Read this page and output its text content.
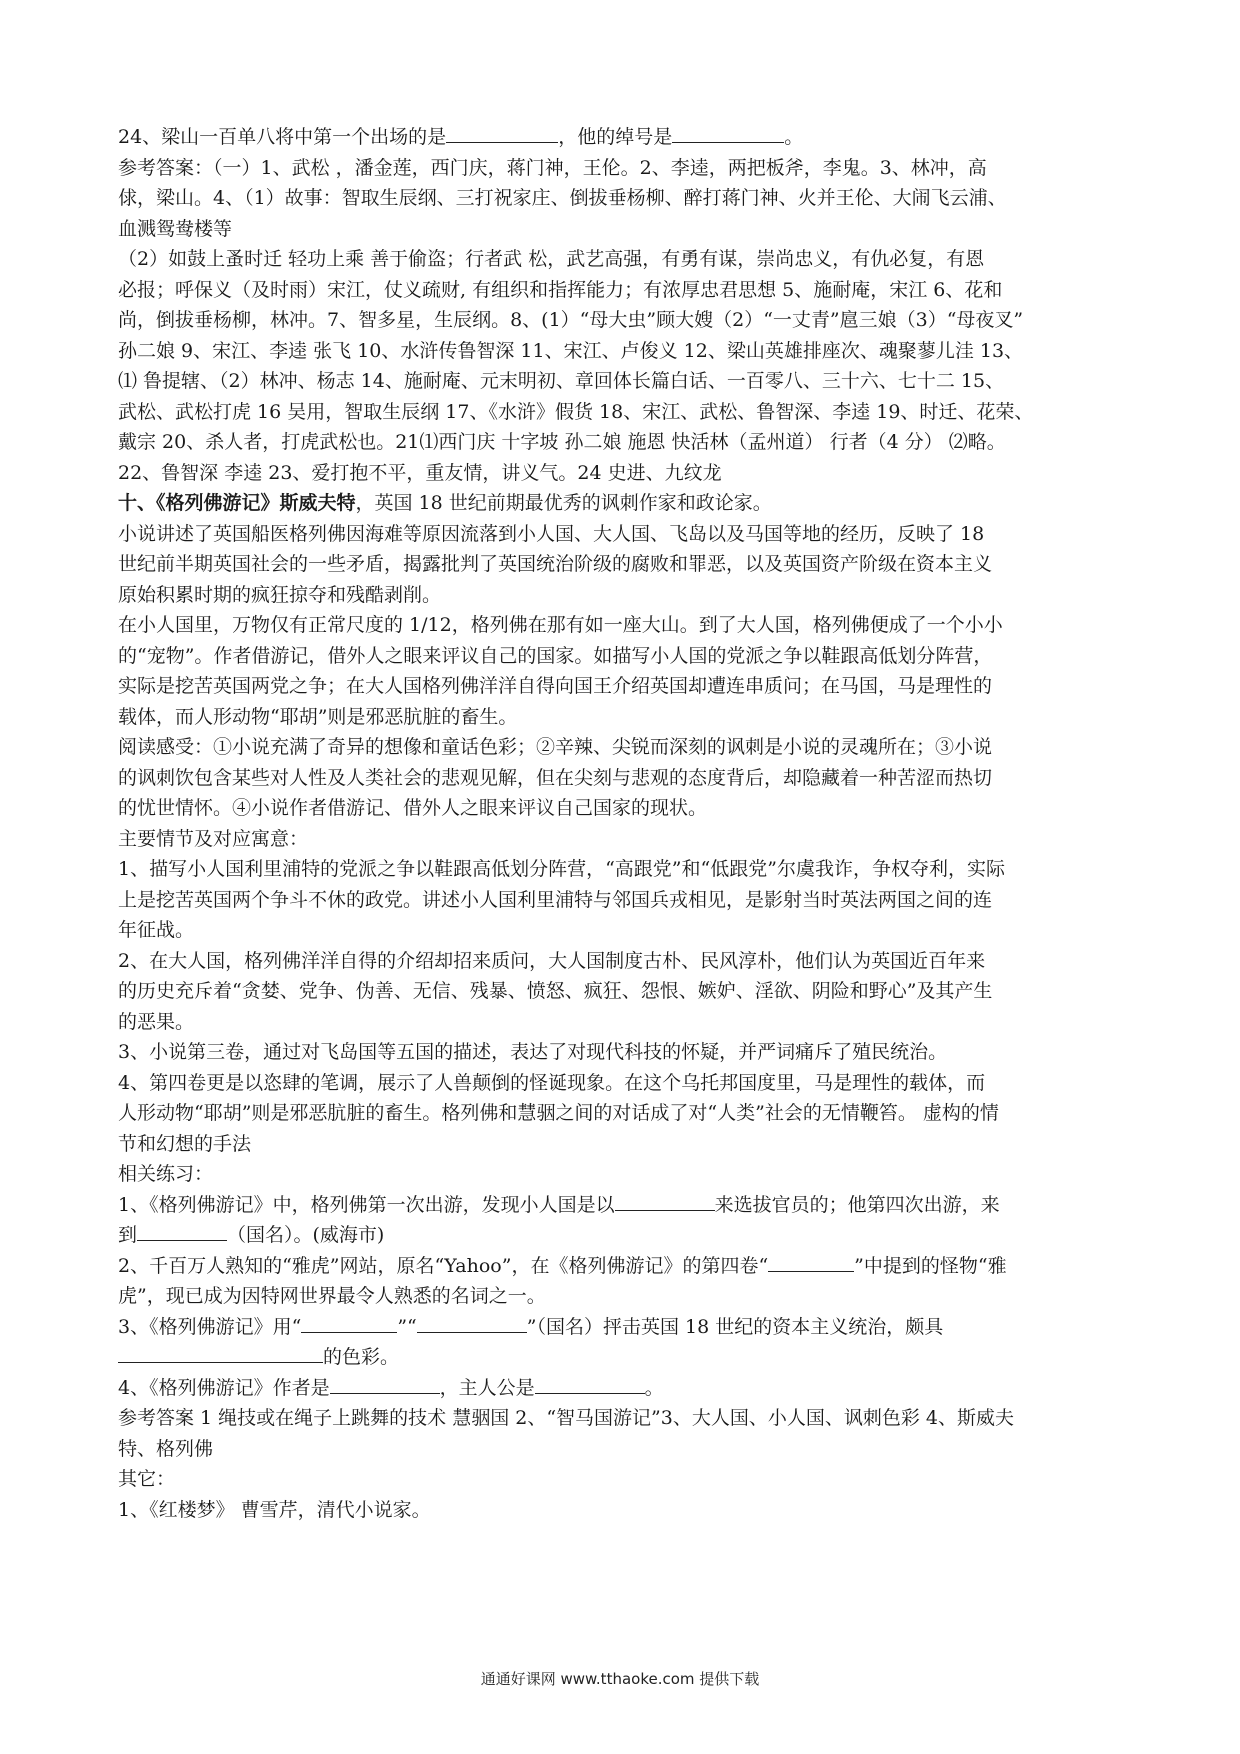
24、梁山一百单八将中第一个出场的是	，他的绰号是	。

参考答案：（一）1、武松 ，潘金莲，西门庆，蒋门神，王伦。2、李逵，两把板斧，李鬼。3、林冲，高
俅，梁山。4、（1）故事：智取生辰纲、三打祝家庄、倒拔垂杨柳、醉打蒋门神、火并王伦、大闹飞云浦、
血溅鸳鸯楼等
（2）如鼓上蚤时迁 轻功上乘 善于偷盗；行者武 松，武艺高强，有勇有谋，崇尚忠义，有仇必复，有恩
必报；呼保义（及时雨）宋江，仗义疏财, 有组织和指挥能力；有浓厚忠君思想 5、施耐庵，宋江 6、花和
尚，倒拔垂杨柳，林冲。7、智多星，生辰纲。8、(1）“母大虫”顾大嫂（2）“一丈青”扈三娘（3）“母夜叉”
孙二娘 9、宋江、李逵 张飞 10、水浒传鲁智深 11、宋江、卢俊义 12、梁山英雄排座次、魂聚蓼儿洼 13、
⑴ 鲁提辖、（2）林冲、杨志 14、施耐庵、元末明初、章回体长篇白话、一百零八、三十六、七十二 15、
武松、武松打虎 16 吴用，智取生辰纲 17、《水浒》假货 18、宋江、武松、鲁智深、李逵 19、时迁、花荣、
戴宗 20、杀人者，打虎武松也。21⑴西门庆 十字坡 孙二娘 施恩 快活林（孟州道） 行者（4 分） ⑵略。
22、鲁智深 李逵 23、爱打抱不平，重友情，讲义气。24 史进、九纹龙

十、《格列佛游记》斯威夫特，英国 18 世纪前期最优秀的讽刺作家和政论家。

小说讲述了英国船医格列佛因海难等原因流落到小人国、大人国、飞岛以及马国等地的经历，反映了 18
世纪前半期英国社会的一些矛盾，揭露批判了英国统治阶级的腐败和罪恶，以及英国资产阶级在资本主义
原始积累时期的疯狂掠夺和残酷剥削。

在小人国里，万物仅有正常尺度的 1/12，格列佛在那有如一座大山。到了大人国，格列佛便成了一个小小
的“宠物”。作者借游记，借外人之眼来评议自己的国家。如描写小人国的党派之争以鞋跟高低划分阵营，
实际是挖苦英国两党之争；在大人国格列佛洋洋自得向国王介绍英国却遭连串质问；在马国，马是理性的
载体，而人形动物“耶胡”则是邪恶肮脏的畜生。

阅读感受：①小说充满了奇异的想像和童话色彩；②辛辣、尖锐而深刻的讽刺是小说的灵魂所在；③小说
的讽刺饮包含某些对人性及人类社会的悲观见解，但在尖刻与悲观的态度背后，却隐藏着一种苦涩而热切
的忧世情怀。④小说作者借游记、借外人之眼来评议自己国家的现状。

主要情节及对应寓意：

1、描写小人国利里浦特的党派之争以鞋跟高低划分阵营，“高跟党”和“低跟党”尔虞我诈，争权夺利，实际
上是挖苦英国两个争斗不休的政党。讲述小人国利里浦特与邻国兵戎相见，是影射当时英法两国之间的连
年征战。

2、在大人国，格列佛洋洋自得的介绍却招来质问，大人国制度古朴、民风淳朴，他们认为英国近百年来
的历史充斥着“贪婪、党争、伪善、无信、残暴、愤怒、疯狂、怨恨、嫉妒、淫欲、阴险和野心”及其产生
的恶果。

3、小说第三卷，通过对飞岛国等五国的描述，表达了对现代科技的怀疑，并严词痛斥了殖民统治。

4、第四卷更是以恣肆的笔调，展示了人兽颠倒的怪诞现象。在这个乌托邦国度里，马是理性的载体，而
人形动物“耶胡”则是邪恶肮脏的畜生。格列佛和慧骃之间的对话成了对“人类”社会的无情鞭笞。 虚构的情
节和幻想的手法

相关练习：

1、《格列佛游记》中，格列佛第一次出游，发现小人国是以	来选拔官员的；他第四次出游，来
到	（国名）。(威海市)

2、千百万人熟知的“雅虎”网站，原名“Yahoo”，在《格列佛游记》的第四卷“	”中提到的怪物“雅
虎”，现已成为因特网世界最令人熟悉的名词之一。

3、《格列佛游记》用“	”“	”（国名）抨击英国 18 世纪的资本主义统治，颇具
的色彩。

4、《格列佛游记》作者是	，主人公是	。

参考答案 1 绳技或在绳子上跳舞的技术 慧骃国 2、“智马国游记”3、大人国、小人国、讽刺色彩 4、斯威夫
特、格列佛

其它：

1、《红楼梦》 曹雪芹，清代小说家。

通通好课网 www.tthaoke.com 提供下载
